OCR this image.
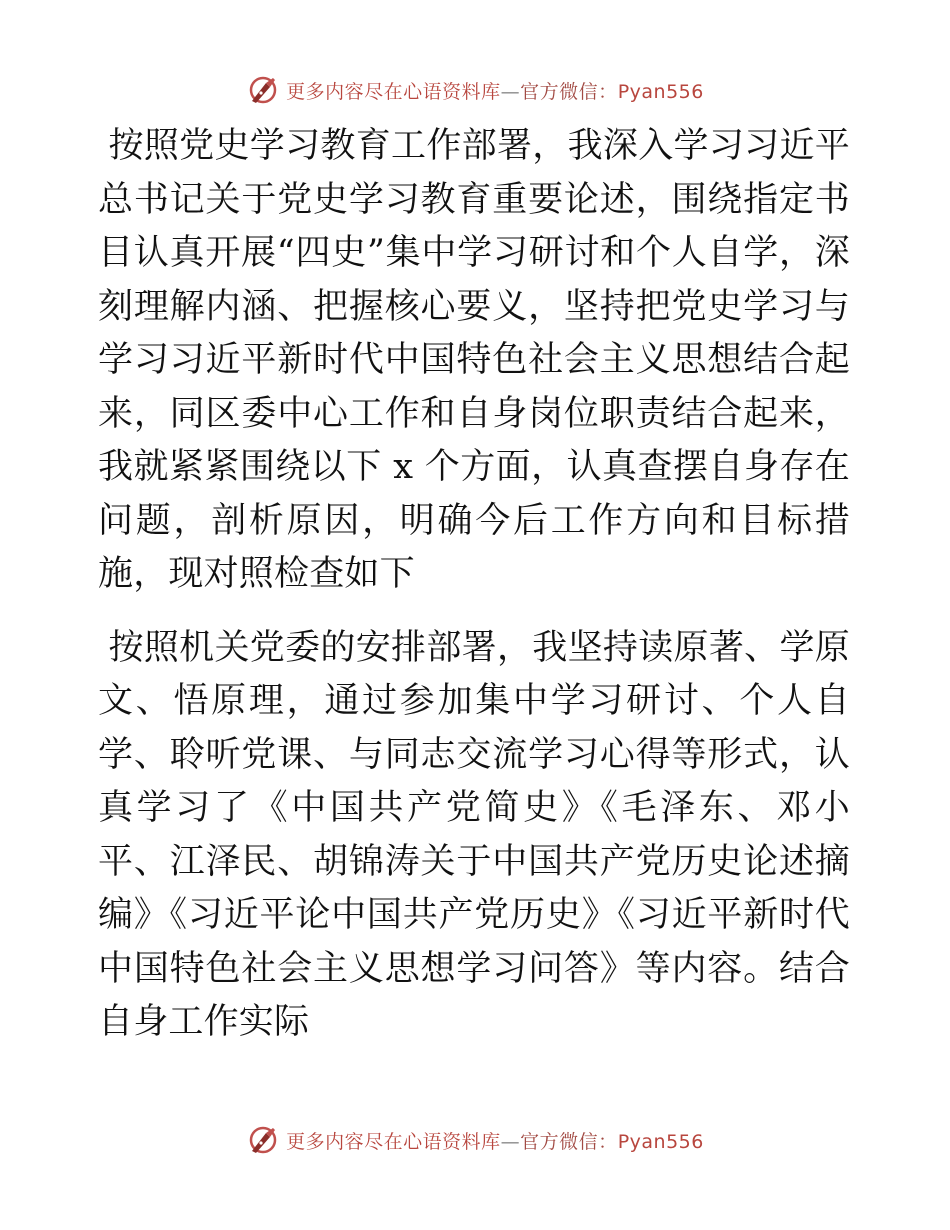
更多内容尽在心语资料库—官方微信：Pyan556

按照党史学习教育工作部署，我深入学习习近平总书记关于党史学习教育重要论述，围绕指定书目认真开展“四史”集中学习研讨和个人自学，深刻理解内涵、把握核心要义，坚持把党史学习与学习习近平新时代中国特色社会主义思想结合起来，同区委中心工作和自身岗位职责结合起来，我就紧紧围绕以下 x 个方面，认真查摆自身存在问题，剖析原因，明确今后工作方向和目标措施，现对照检查如下

按照机关党委的安排部署，我坚持读原著、学原文、悟原理，通过参加集中学习研讨、个人自学、聆听党课、与同志交流学习心得等形式，认真学习了《中国共产党简史》《毛泽东、邓小平、江泽民、胡锦涛关于中国共产党历史论述摘编》《习近平论中国共产党历史》《习近平新时代中国特色社会主义思想学习问答》等内容。结合自身工作实际

更多内容尽在心语资料库—官方微信：Pyan556
